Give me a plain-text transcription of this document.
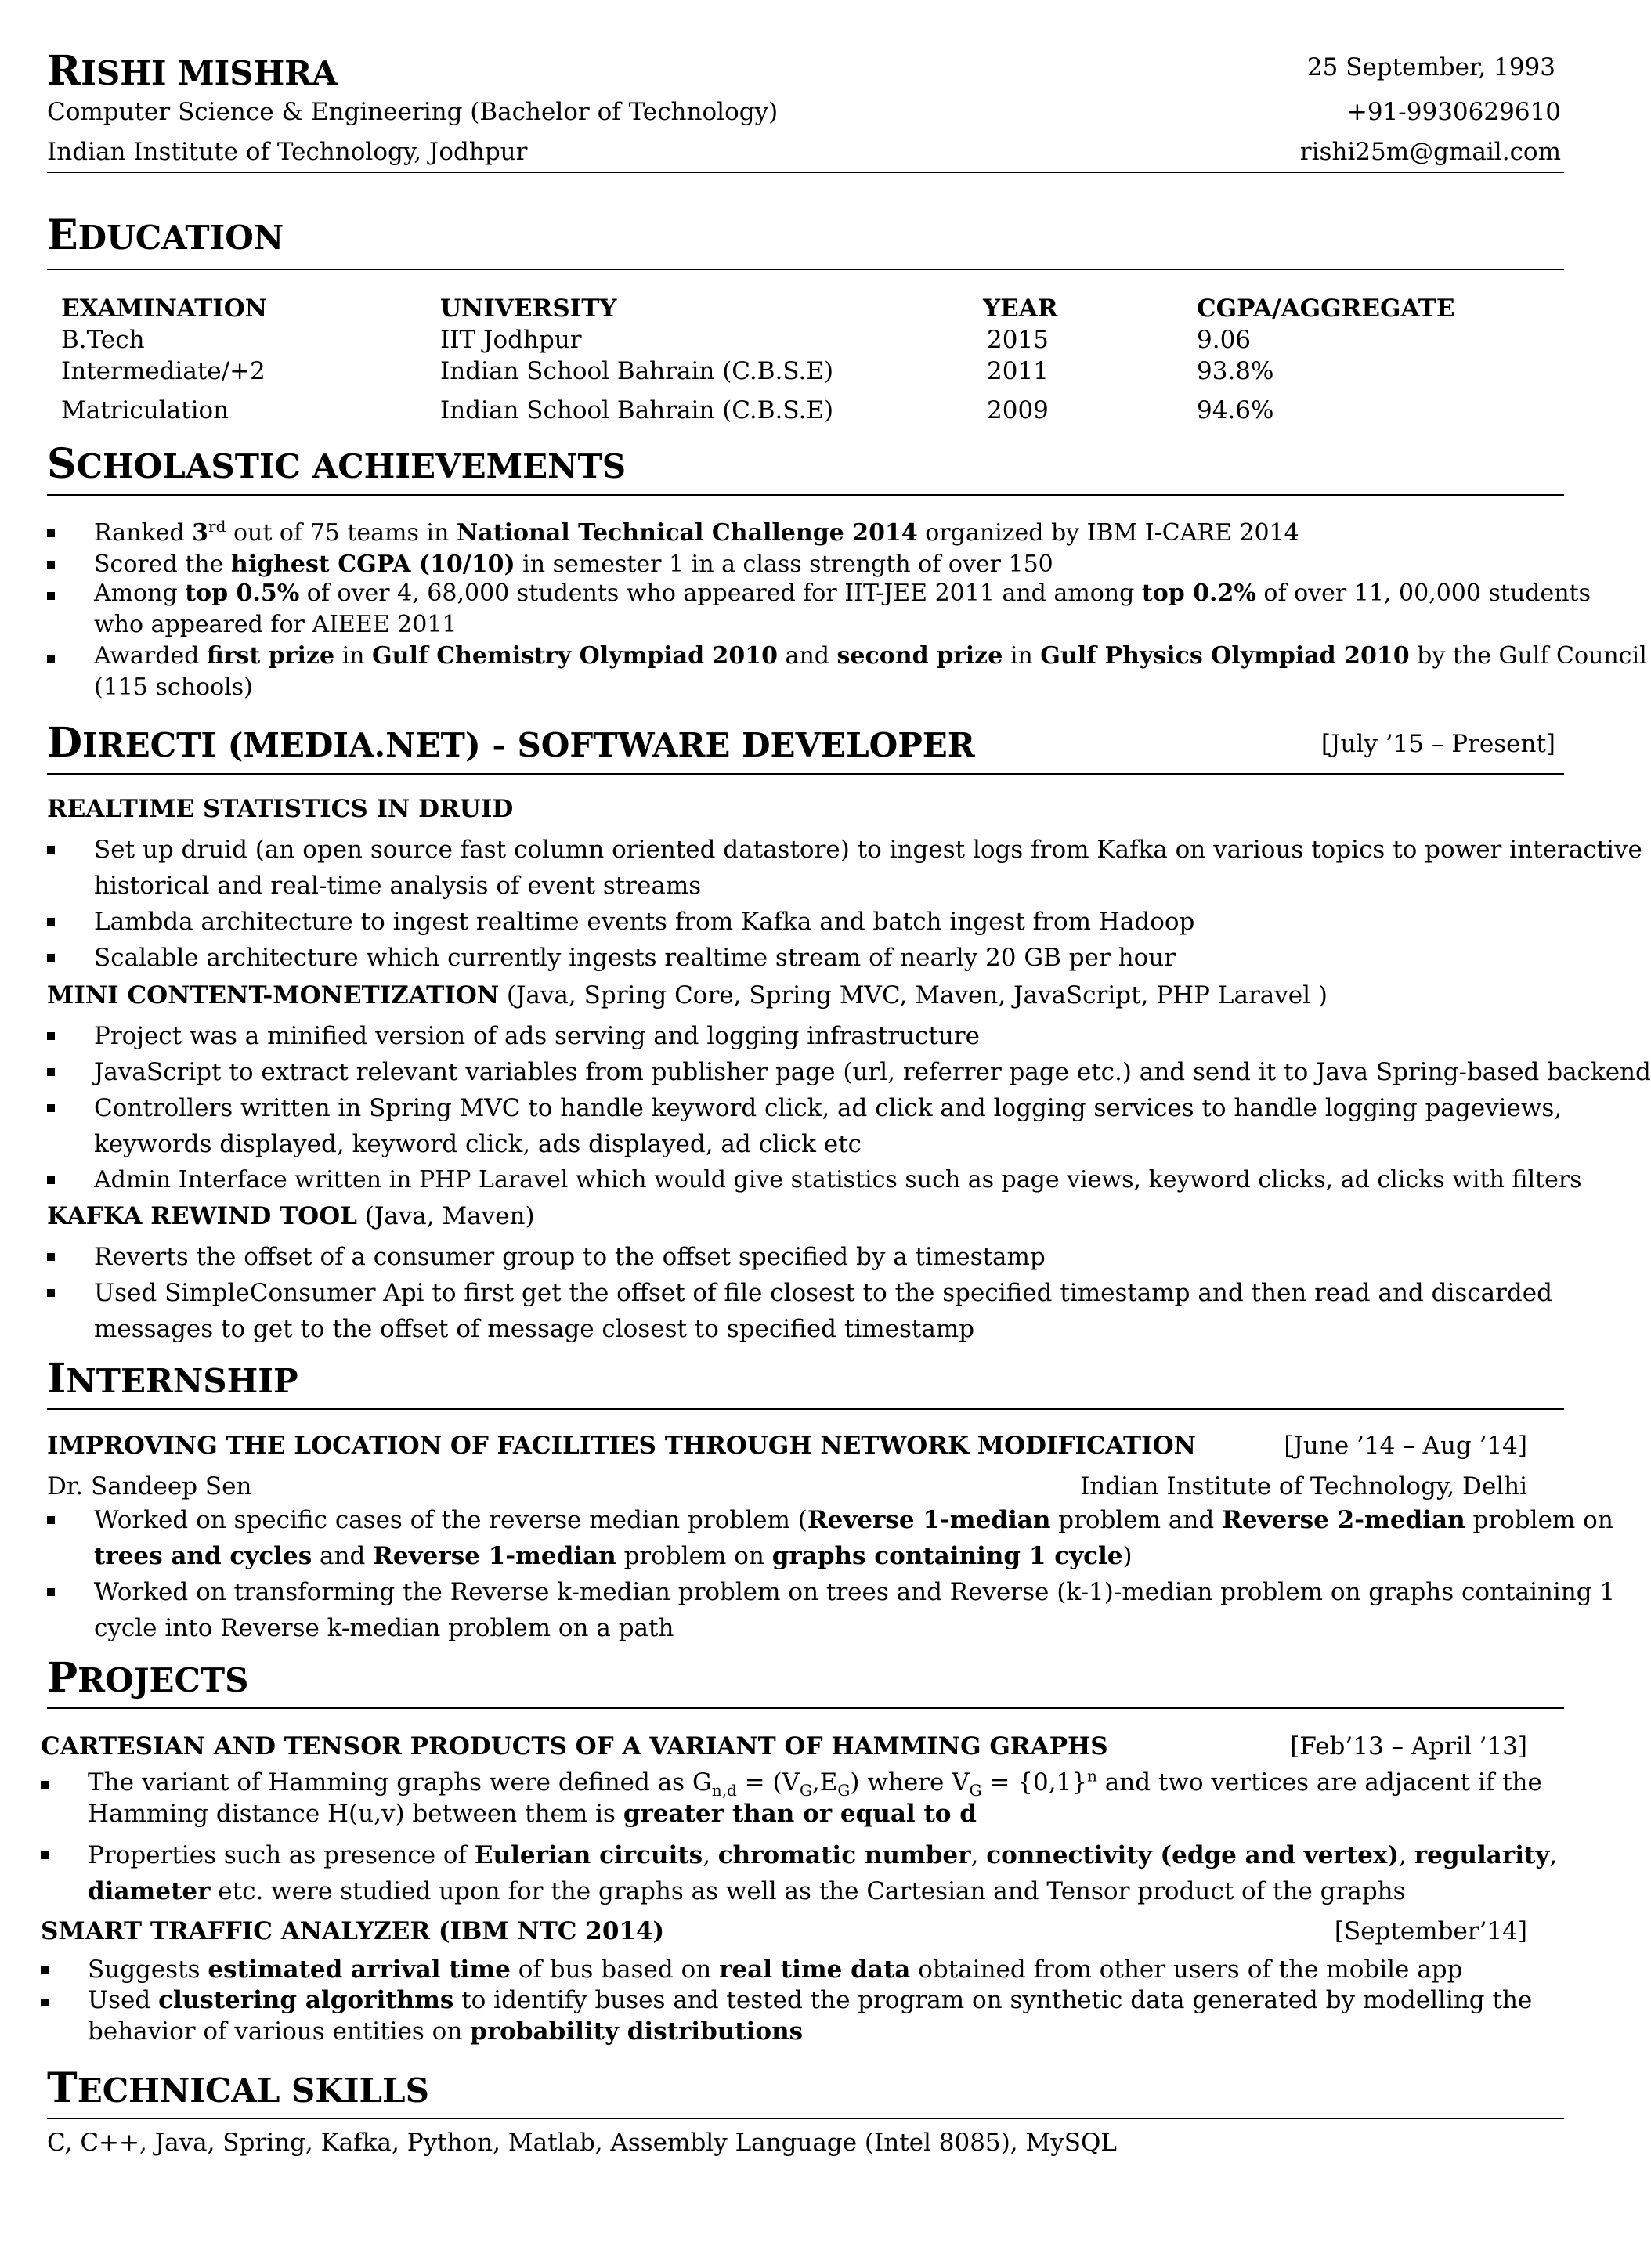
RISHI MISHRA	25 September, 1993
Computer Science & Engineering (Bachelor of Technology)	+91-9930629610
Indian Institute of Technology, Jodhpur	rishi25m@gmail.com
EDUCATION
EXAMINATION	UNIVERSITY	YEAR	CGPA/AGGREGATE
B.Tech	IIT Jodhpur	2015	9.06
Intermediate/+2	Indian School Bahrain (C.B.S.E)	2011	93.8%
Matriculation	Indian School Bahrain (C.B.S.E)	2009	94.6%
SCHOLASTIC ACHIEVEMENTS
Ranked 3rd out of 75 teams in National Technical Challenge 2014 organized by IBM I-CARE 2014
Scored the highest CGPA (10/10) in semester 1 in a class strength of over 150
Among top 0.5% of over 4, 68,000 students who appeared for IIT-JEE 2011 and among top 0.2% of over 11, 00,000 students
who appeared for AIEEE 2011
Awarded first prize in Gulf Chemistry Olympiad 2010 and second prize in Gulf Physics Olympiad 2010 by the Gulf Council
(115 schools)
DIRECTI (MEDIA.NET) - SOFTWARE DEVELOPER	[July ’15 – Present]
REALTIME STATISTICS IN DRUID
Set up druid (an open source fast column oriented datastore) to ingest logs from Kafka on various topics to power interactive
historical and real-time analysis of event streams
Lambda architecture to ingest realtime events from Kafka and batch ingest from Hadoop
Scalable architecture which currently ingests realtime stream of nearly 20 GB per hour
MINI CONTENT-MONETIZATION (Java, Spring Core, Spring MVC, Maven, JavaScript, PHP Laravel )
Project was a minified version of ads serving and logging infrastructure
JavaScript to extract relevant variables from publisher page (url, referrer page etc.) and send it to Java Spring-based backend
Controllers written in Spring MVC to handle keyword click, ad click and logging services to handle logging pageviews,
keywords displayed, keyword click, ads displayed, ad click etc
Admin Interface written in PHP Laravel which would give statistics such as page views, keyword clicks, ad clicks with filters
KAFKA REWIND TOOL (Java, Maven)
Reverts the offset of a consumer group to the offset specified by a timestamp
Used SimpleConsumer Api to first get the offset of file closest to the specified timestamp and then read and discarded
messages to get to the offset of message closest to specified timestamp
INTERNSHIP
IMPROVING THE LOCATION OF FACILITIES THROUGH NETWORK MODIFICATION	[June ’14 – Aug ’14]
Dr. Sandeep Sen	Indian Institute of Technology, Delhi
Worked on specific cases of the reverse median problem (Reverse 1-median problem and Reverse 2-median problem on
trees and cycles and Reverse 1-median problem on graphs containing 1 cycle)
Worked on transforming the Reverse k-median problem on trees and Reverse (k-1)-median problem on graphs containing 1
cycle into Reverse k-median problem on a path
PROJECTS
CARTESIAN AND TENSOR PRODUCTS OF A VARIANT OF HAMMING GRAPHS	[Feb’13 – April ’13]
The variant of Hamming graphs were defined as $G_{n,d} = (V_G,E_G)$ where $V_G = \{0,1\}^n$ and two vertices are adjacent if the
Hamming distance H(u,v) between them is greater than or equal to d
Properties such as presence of Eulerian circuits, chromatic number, connectivity (edge and vertex), regularity,
diameter etc. were studied upon for the graphs as well as the Cartesian and Tensor product of the graphs
SMART TRAFFIC ANALYZER (IBM NTC 2014)	[September’14]
Suggests estimated arrival time of bus based on real time data obtained from other users of the mobile app
Used clustering algorithms to identify buses and tested the program on synthetic data generated by modelling the
behavior of various entities on probability distributions
TECHNICAL SKILLS
C, C++, Java, Spring, Kafka, Python, Matlab, Assembly Language (Intel 8085), MySQL
